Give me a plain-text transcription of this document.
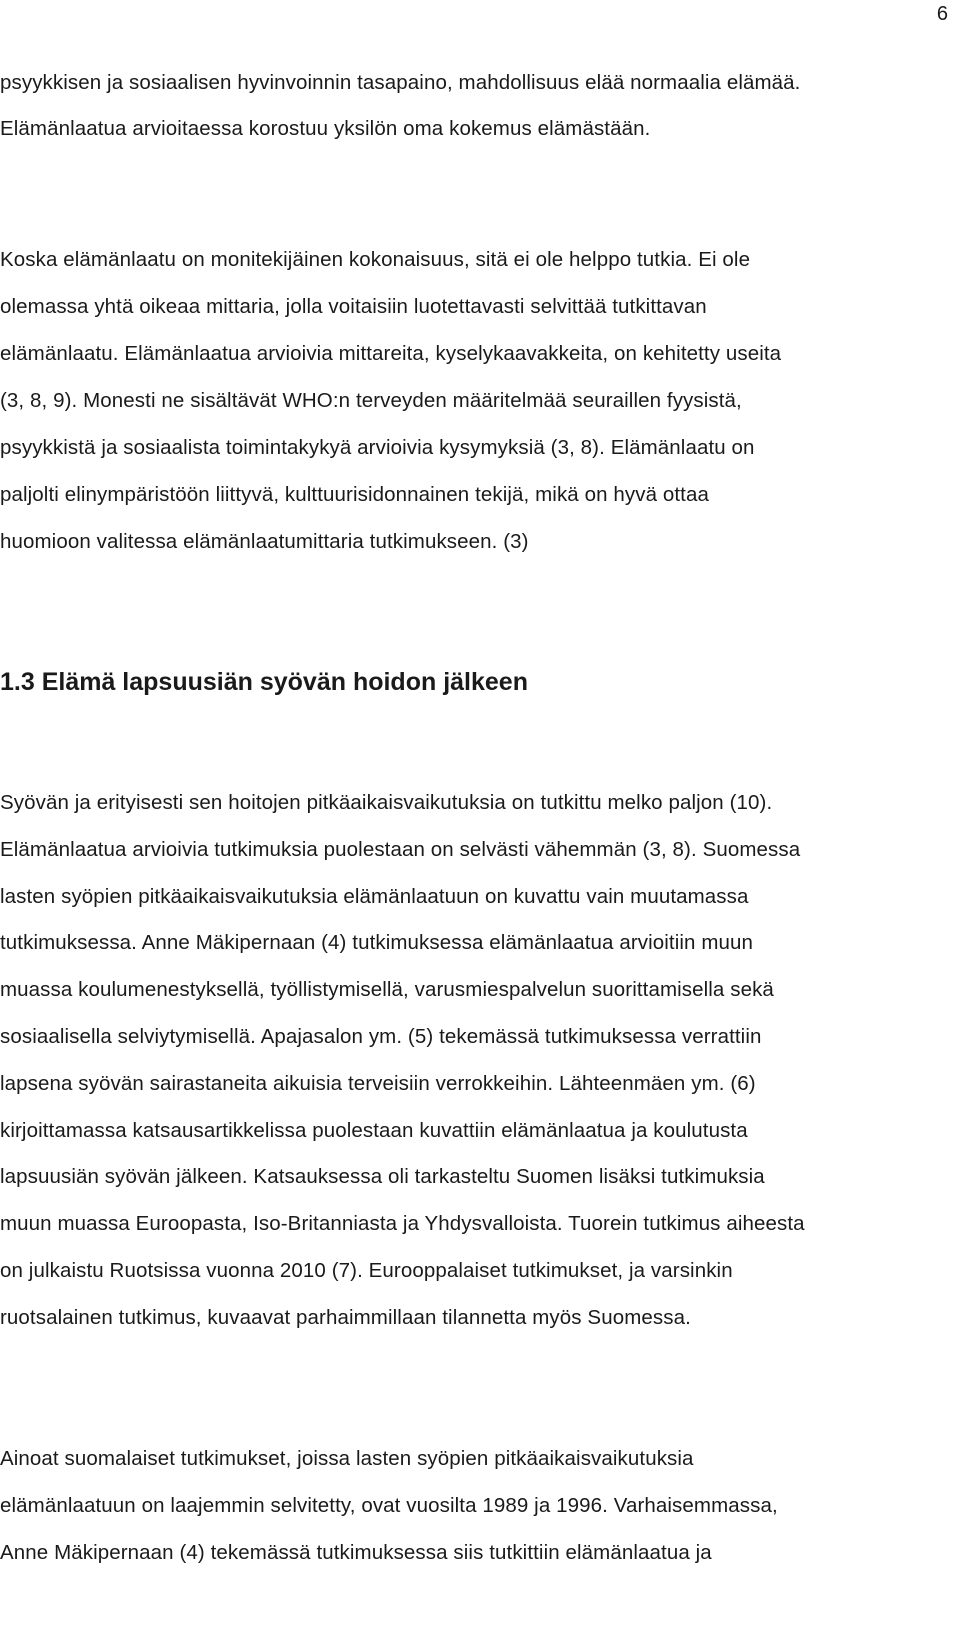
6
psyykkisen ja sosiaalisen hyvinvoinnin tasapaino, mahdollisuus elää normaalia elämää.
Elämänlaatua arvioitaessa korostuu yksilön oma kokemus elämästään.
Koska elämänlaatu on monitekijäinen kokonaisuus, sitä ei ole helppo tutkia. Ei ole
olemassa yhtä oikeaa mittaria, jolla voitaisiin luotettavasti selvittää tutkittavan
elämänlaatu. Elämänlaatua arvioivia mittareita, kyselykaavakkeita, on kehitetty useita
(3, 8, 9). Monesti ne sisältävät WHO:n terveyden määritelmää seuraillen fyysistä,
psyykkistä ja sosiaalista toimintakykyä arvioivia kysymyksiä (3, 8). Elämänlaatu on
paljolti elinympäristöön liittyvä, kulttuurisidonnainen tekijä, mikä on hyvä ottaa
huomioon valitessa elämänlaatumittaria tutkimukseen. (3)
1.3 Elämä lapsuusiän syövän hoidon jälkeen
Syövän ja erityisesti sen hoitojen pitkäaikaisvaikutuksia on tutkittu melko paljon (10).
Elämänlaatua arvioivia tutkimuksia puolestaan on selvästi vähemmän (3, 8). Suomessa
lasten syöpien pitkäaikaisvaikutuksia elämänlaatuun on kuvattu vain muutamassa
tutkimuksessa. Anne Mäkipernaan (4) tutkimuksessa elämänlaatua arvioitiin muun
muassa koulumenestyksellä, työllistymisellä, varusmiespalvelun suorittamisella sekä
sosiaalisella selviytymisellä. Apajasalon ym. (5) tekemässä tutkimuksessa verrattiin
lapsena syövän sairastaneita aikuisia terveisiin verrokkeihin. Lähteenmäen ym. (6)
kirjoittamassa katsausartikkelissa puolestaan kuvattiin elämänlaatua ja koulutusta
lapsuusiän syövän jälkeen. Katsauksessa oli tarkasteltu Suomen lisäksi tutkimuksia
muun muassa Euroopasta, Iso-Britanniasta ja Yhdysvalloista. Tuorein tutkimus aiheesta
on julkaistu Ruotsissa vuonna 2010 (7). Eurooppalaiset tutkimukset, ja varsinkin
ruotsalainen tutkimus, kuvaavat parhaimmillaan tilannetta myös Suomessa.
Ainoat suomalaiset tutkimukset, joissa lasten syöpien pitkäaikaisvaikutuksia
elämänlaatuun on laajemmin selvitetty, ovat vuosilta 1989 ja 1996. Varhaisemmassa,
Anne Mäkipernaan (4) tekemässä tutkimuksessa siis tutkittiin elämänlaatua ja
